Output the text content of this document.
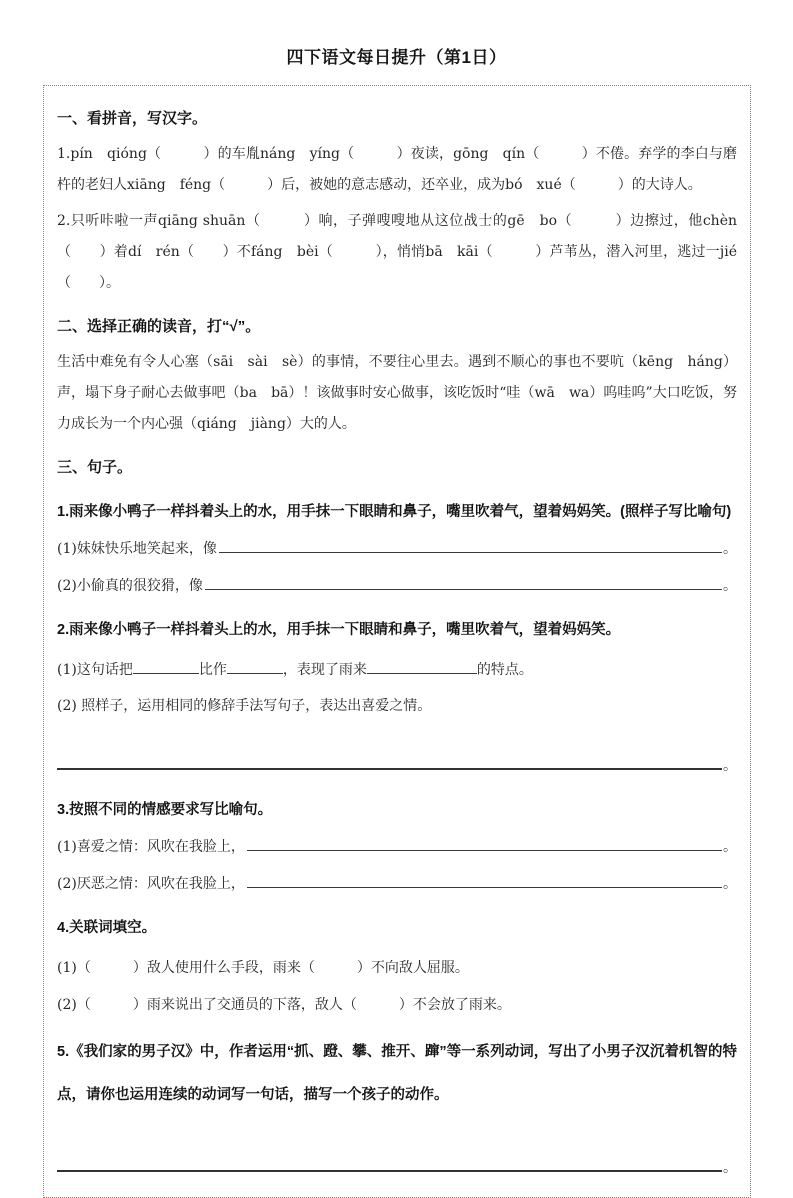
四下语文每日提升（第1日）
一、看拼音，写汉字。

1.pín　qióng（　　　）的车胤náng　yíng（　　　）夜读，gōng　qín（　　　）不倦。弃学的李白与磨杵的老妇人xiāng　féng（　　　）后，被她的意志感动，还卒业，成为bó　xué（　　　）的大诗人。

2.只听咔啦一声qiāng shuān（　　　）响，子弹嗖嗖地从这位战士的gē　bo（　　　）边擦过，他chèn（　　）着dí　rén（　　）不fáng　bèi（　　　），悄悄bā　kāi（　　　）芦苇丛，潜入河里，逃过一jié（　　）。

二、选择正确的读音，打“√”。

生活中难免有令人心塞（sāi　sài　sè）的事情，不要往心里去。遇到不顺心的事也不要吭（kēng　háng）声，塌下身子耐心去做事吧（ba　bā）！该做事时安心做事，该吃饭时“哇（wā　wa）呜哇呜”大口吃饭，努力成长为一个内心强（qiáng　jiàng）大的人。

三、句子。
1.雨来像小鸭子一样抖着头上的水，用手抹一下眼睛和鼻子，嘴里吹着气，望着妈妈笑。(照样子写比喻句)
(1)妹妹快乐地笑起来，像	。
(2)小偷真的很狡猾，像	。
2.雨来像小鸭子一样抖着头上的水，用手抹一下眼睛和鼻子，嘴里吹着气，望着妈妈笑。
(1)这句话把	比作	，表现了雨来	的特点。
(2) 照样子，运用相同的修辞手法写句子，表达出喜爱之情。
。
3.按照不同的情感要求写比喻句。
(1)喜爱之情：风吹在我脸上，	。
(2)厌恶之情：风吹在我脸上，	。
4.关联词填空。
(1)（　　　）敌人使用什么手段，雨来（　　　）不向敌人屈服。
(2)（　　　）雨来说出了交通员的下落，敌人（　　　）不会放了雨来。
5.《我们家的男子汉》中，作者运用“抓、蹬、攀、推开、蹿”等一系列动词，写出了小男子汉沉着机智的特点，请你也运用连续的动词写一句话，描写一个孩子的动作。
。
